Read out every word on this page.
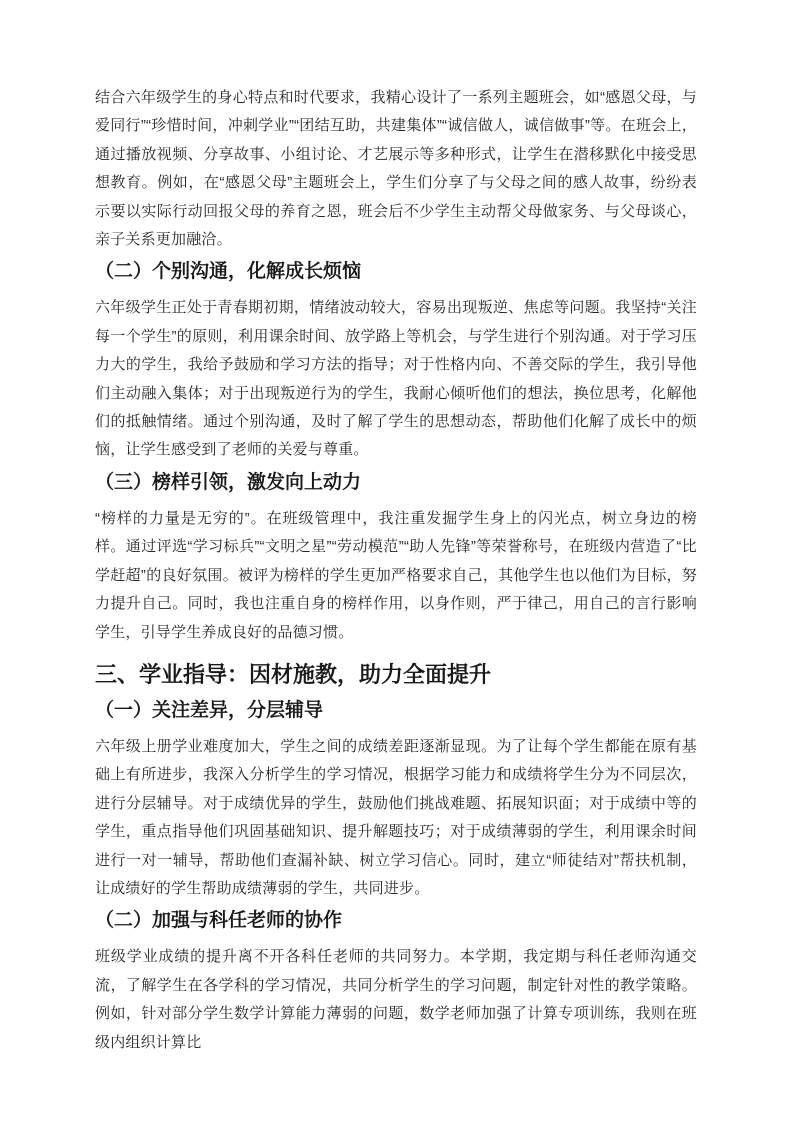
结合六年级学生的身心特点和时代要求，我精心设计了一系列主题班会，如“感恩父母，与爱同行”“珍惜时间，冲刺学业”“团结互助，共建集体”“诚信做人，诚信做事”等。在班会上，通过播放视频、分享故事、小组讨论、才艺展示等多种形式，让学生在潜移默化中接受思想教育。例如，在“感恩父母”主题班会上，学生们分享了与父母之间的感人故事，纷纷表示要以实际行动回报父母的养育之恩，班会后不少学生主动帮父母做家务、与父母谈心，亲子关系更加融洽。

（二）个别沟通，化解成长烦恼

六年级学生正处于青春期初期，情绪波动较大，容易出现叛逆、焦虑等问题。我坚持“关注每一个学生”的原则，利用课余时间、放学路上等机会，与学生进行个别沟通。对于学习压力大的学生，我给予鼓励和学习方法的指导；对于性格内向、不善交际的学生，我引导他们主动融入集体；对于出现叛逆行为的学生，我耐心倾听他们的想法，换位思考，化解他们的抵触情绪。通过个别沟通，及时了解了学生的思想动态，帮助他们化解了成长中的烦恼，让学生感受到了老师的关爱与尊重。

（三）榜样引领，激发向上动力

“榜样的力量是无穷的”。在班级管理中，我注重发掘学生身上的闪光点，树立身边的榜样。通过评选“学习标兵”“文明之星”“劳动模范”“助人先锋”等荣誉称号，在班级内营造了“比学赶超”的良好氛围。被评为榜样的学生更加严格要求自己，其他学生也以他们为目标，努力提升自己。同时，我也注重自身的榜样作用，以身作则，严于律己，用自己的言行影响学生，引导学生养成良好的品德习惯。

三、学业指导：因材施教，助力全面提升
（一）关注差异，分层辅导

六年级上册学业难度加大，学生之间的成绩差距逐渐显现。为了让每个学生都能在原有基础上有所进步，我深入分析学生的学习情况，根据学习能力和成绩将学生分为不同层次，进行分层辅导。对于成绩优异的学生，鼓励他们挑战难题、拓展知识面；对于成绩中等的学生，重点指导他们巩固基础知识、提升解题技巧；对于成绩薄弱的学生，利用课余时间进行一对一辅导，帮助他们查漏补缺、树立学习信心。同时，建立“师徒结对”帮扶机制，让成绩好的学生帮助成绩薄弱的学生，共同进步。

（二）加强与科任老师的协作

班级学业成绩的提升离不开各科任老师的共同努力。本学期，我定期与科任老师沟通交流，了解学生在各学科的学习情况，共同分析学生的学习问题，制定针对性的教学策略。例如，针对部分学生数学计算能力薄弱的问题，数学老师加强了计算专项训练，我则在班级内组织计算比
